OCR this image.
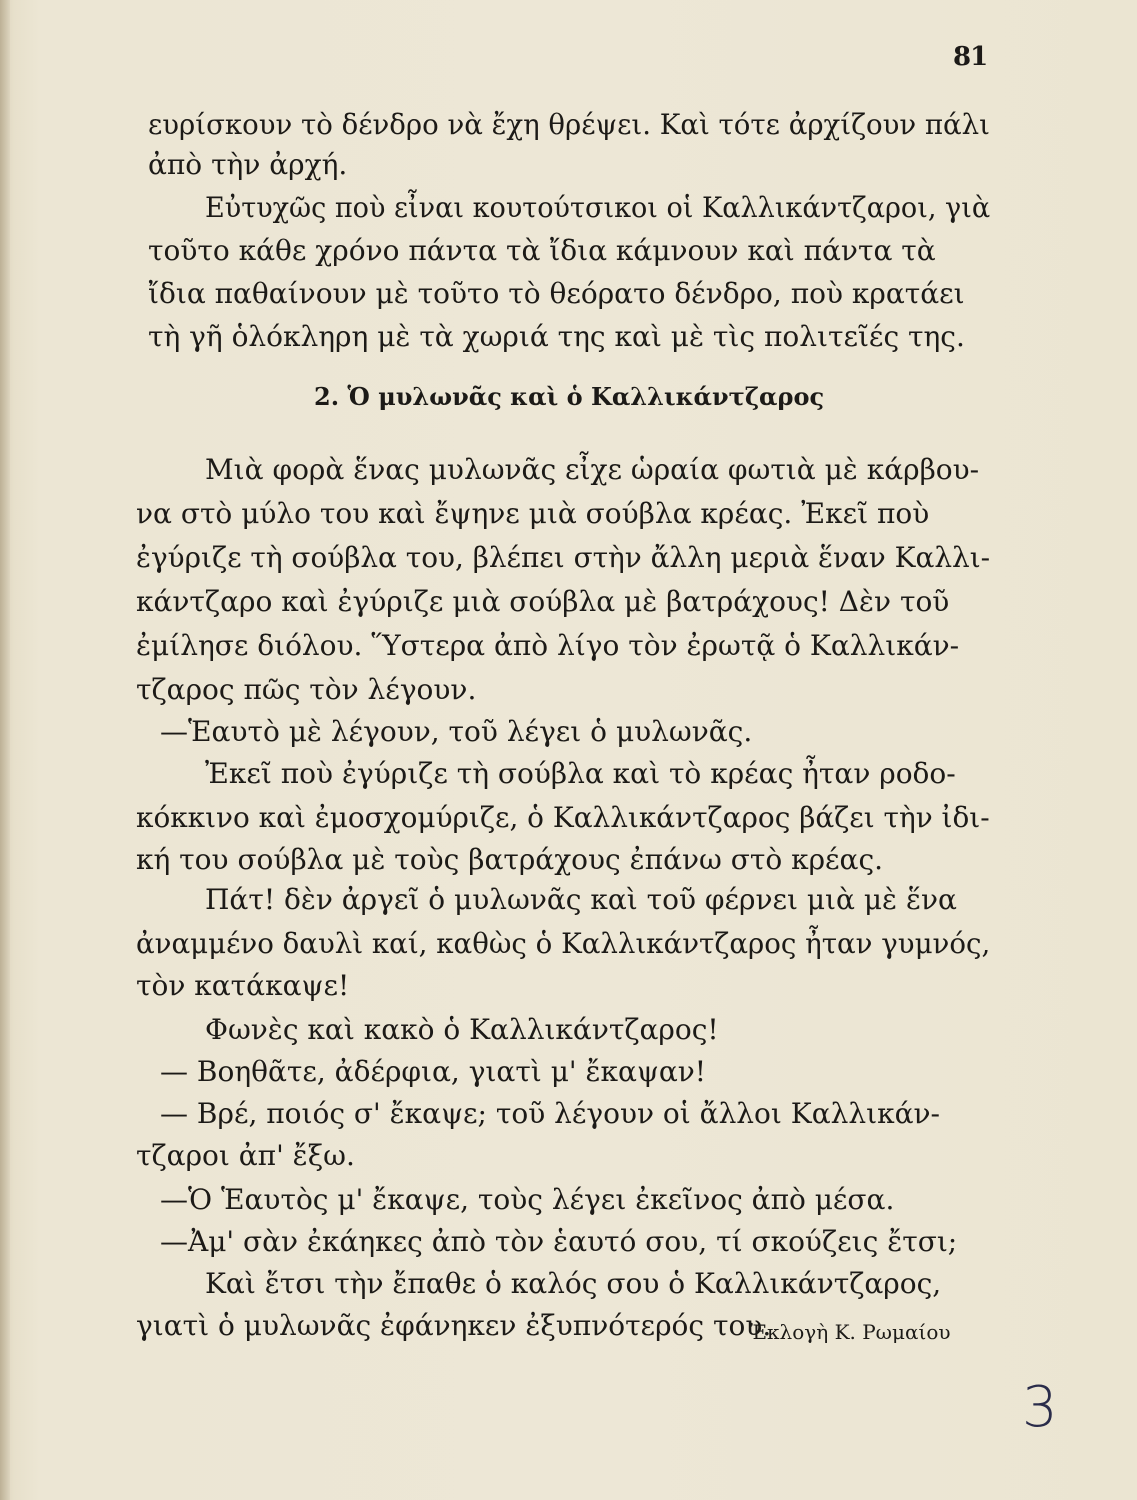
81
ευρίσκουν τὸ δένδρο νὰ ἔχη θρέψει. Καὶ τότε ἀρχίζουν πάλι
ἀπὸ τὴν ἀρχή.
Εὐτυχῶς ποὺ εἶναι κουτούτσικοι οἱ Καλλικάντζαροι, γιὰ
τοῦτο κάθε χρόνο πάντα τὰ ἴδια κάμνουν καὶ πάντα τὰ
ἴδια παθαίνουν μὲ τοῦτο τὸ θεόρατο δένδρο, ποὺ κρατάει
τὴ γῆ ὁλόκληρη μὲ τὰ χωριά της καὶ μὲ τὶς πολιτεῖές της.
2. Ὁ μυλωνᾶς καὶ ὁ Καλλικάντζαρος
Μιὰ φορὰ ἕνας μυλωνᾶς εἶχε ὡραία φωτιὰ μὲ κάρβου-
να στὸ μύλο του καὶ ἔψηνε μιὰ σούβλα κρέας. Ἐκεῖ ποὺ
ἐγύριζε τὴ σούβλα του, βλέπει στὴν ἄλλη μεριὰ ἕναν Καλλι-
κάντζαρο καὶ ἐγύριζε μιὰ σούβλα μὲ βατράχους! Δὲν τοῦ
ἐμίλησε διόλου. Ὕστερα ἀπὸ λίγο τὸν ἐρωτᾷ ὁ Καλλικάν-
τζαρος πῶς τὸν λέγουν.
—Ἑαυτὸ μὲ λέγουν, τοῦ λέγει ὁ μυλωνᾶς.
Ἐκεῖ ποὺ ἐγύριζε τὴ σούβλα καὶ τὸ κρέας ἦταν ροδο-
κόκκινο καὶ ἐμοσχομύριζε, ὁ Καλλικάντζαρος βάζει τὴν ἰδι-
κή του σούβλα μὲ τοὺς βατράχους ἐπάνω στὸ κρέας.
Πάτ! δὲν ἀργεῖ ὁ μυλωνᾶς καὶ τοῦ φέρνει μιὰ μὲ ἕνα
ἀναμμένο δαυλὶ καί, καθὼς ὁ Καλλικάντζαρος ἦταν γυμνός,
τὸν κατάκαψε!
Φωνὲς καὶ κακὸ ὁ Καλλικάντζαρος!
— Βοηθᾶτε, ἀδέρφια, γιατὶ μ' ἔκαψαν!
— Βρέ, ποιός σ' ἔκαψε; τοῦ λέγουν οἱ ἄλλοι Καλλικάν-
τζαροι ἀπ' ἔξω.
—Ὁ Ἑαυτὸς μ' ἔκαψε, τοὺς λέγει ἐκεῖνος ἀπὸ μέσα.
—Ἀμ' σὰν ἐκάηκες ἀπὸ τὸν ἑαυτό σου, τί σκούζεις ἔτσι;
Καὶ ἔτσι τὴν ἔπαθε ὁ καλός σου ὁ Καλλικάντζαρος,
γιατὶ ὁ μυλωνᾶς ἐφάνηκεν ἐξυπνότερός του.
Ἐκλογὴ Κ. Ρωμαίου
3
